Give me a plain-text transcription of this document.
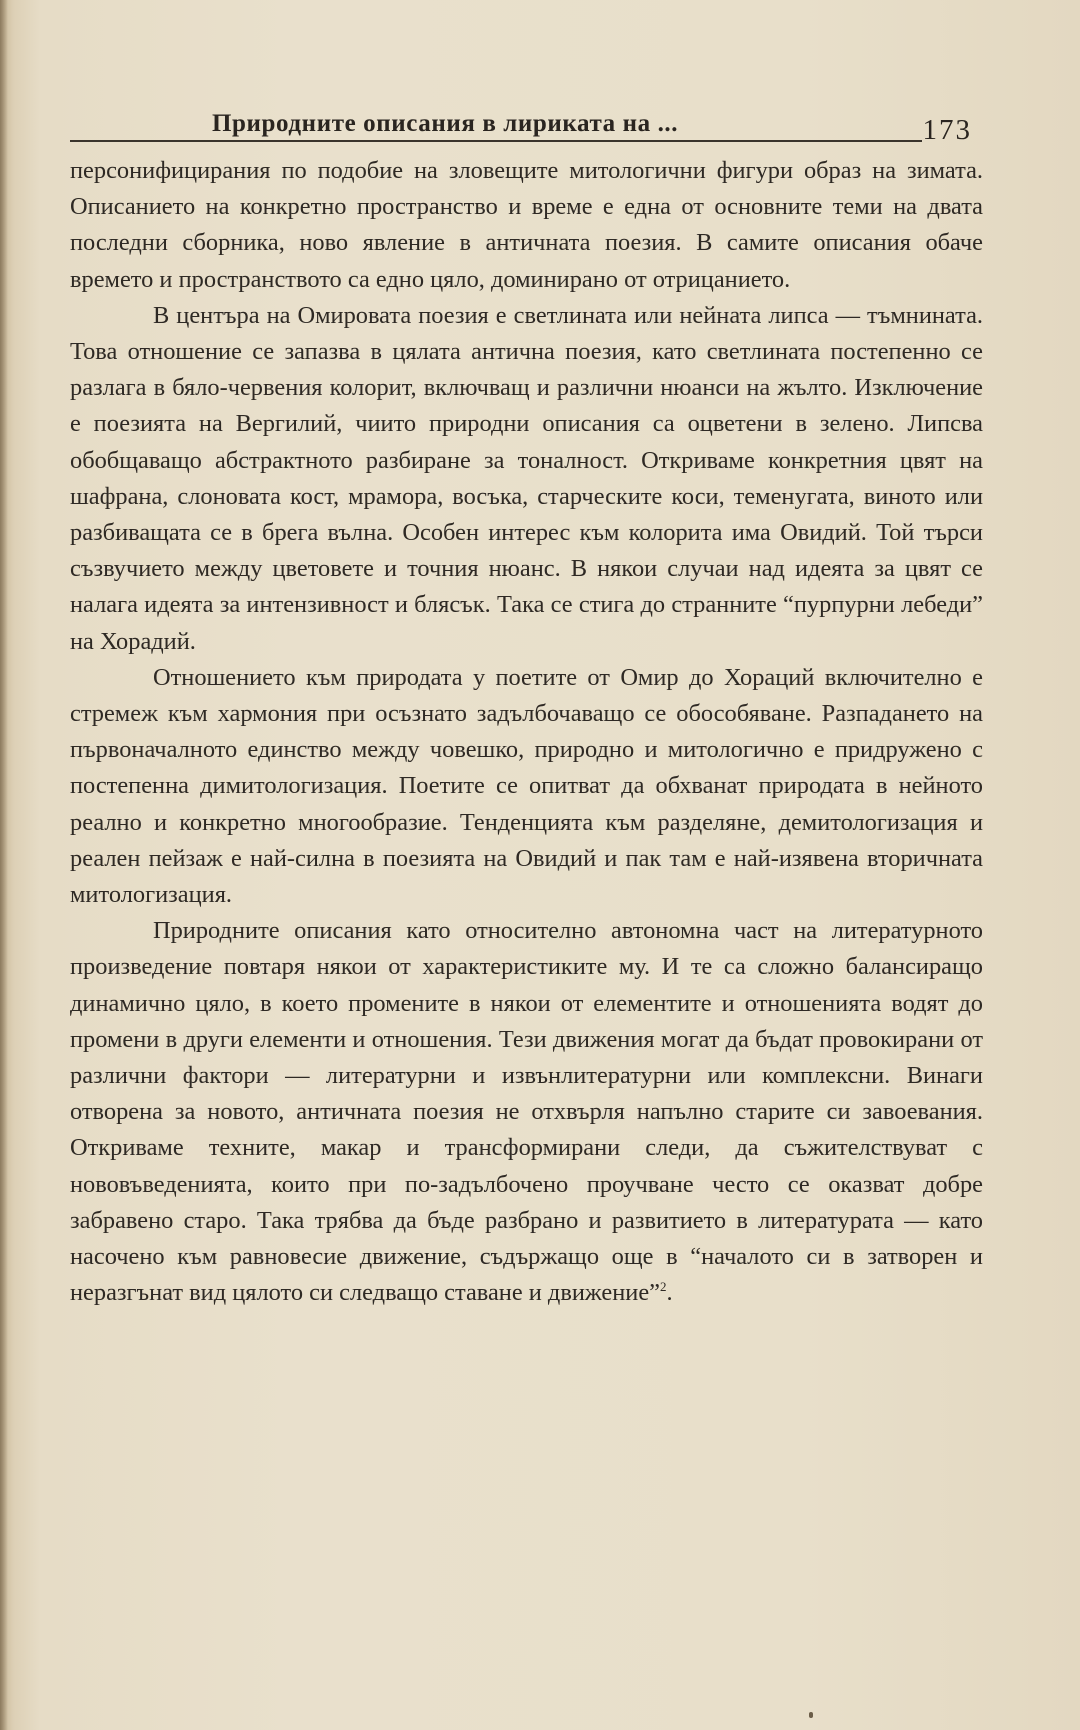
Природните описания в лириката на ...	173

персонифицирания по подобие на зловещите митологични фигури образ на зимата. Описанието на конкретно пространство и време е една от основните теми на двата последни сборника, ново явление в античната поезия. В самите описания обаче времето и пространството са едно цяло, доминирано от отрицанието.

В центъра на Омировата поезия е светлината или нейната липса — тъмнината. Това отношение се запазва в цялата антична поезия, като светлината постепенно се разлага в бяло-червения колорит, включващ и различни нюанси на жълто. Изключение е поезията на Вергилий, чиито природни описания са оцветени в зелено. Липсва обобщаващо абстрактното разбиране за тоналност. Откриваме конкретния цвят на шафрана, слоновата кост, мрамора, восъка, старческите коси, теменугата, виното или разбиващата се в брега вълна. Особен интерес към колорита има Овидий. Той търси съзвучието между цветовете и точния нюанс. В някои случаи над идеята за цвят се налага идеята за интензивност и блясък. Така се стига до странните “пурпурни лебеди” на Хорадий.

Отношението към природата у поетите от Омир до Хораций включително е стремеж към хармония при осъзнато задълбочаващо се обособяване. Разпадането на първоначалното единство между човешко, природно и митологично е придружено с постепенна димитологизация. Поетите се опитват да обхванат природата в нейното реално и конкретно многообразие. Тенденцията към разделяне, демитологизация и реален пейзаж е най-силна в поезията на Овидий и пак там е най-изявена вторичната митологизация.

Природните описания като относително автономна част на литературното произведение повтаря някои от характеристиките му. И те са сложно балансиращо динамично цяло, в което промените в някои от елементите и отношенията водят до промени в други елементи и отношения. Тези движения могат да бъдат провокирани от различни фактори — литературни и извънлитературни или комплексни. Винаги отворена за новото, античната поезия не отхвърля напълно старите си завоевания. Откриваме техните, макар и трансформирани следи, да съжителствуват с нововъведенията, които при по-задълбочено проучване често се оказват добре забравено старо. Така трябва да бъде разбрано и развитието в литературата — като насочено към равновесие движение, съдържащо още в “началото си в затворен и неразгънат вид цялото си следващо ставане и движение”$^2$.
